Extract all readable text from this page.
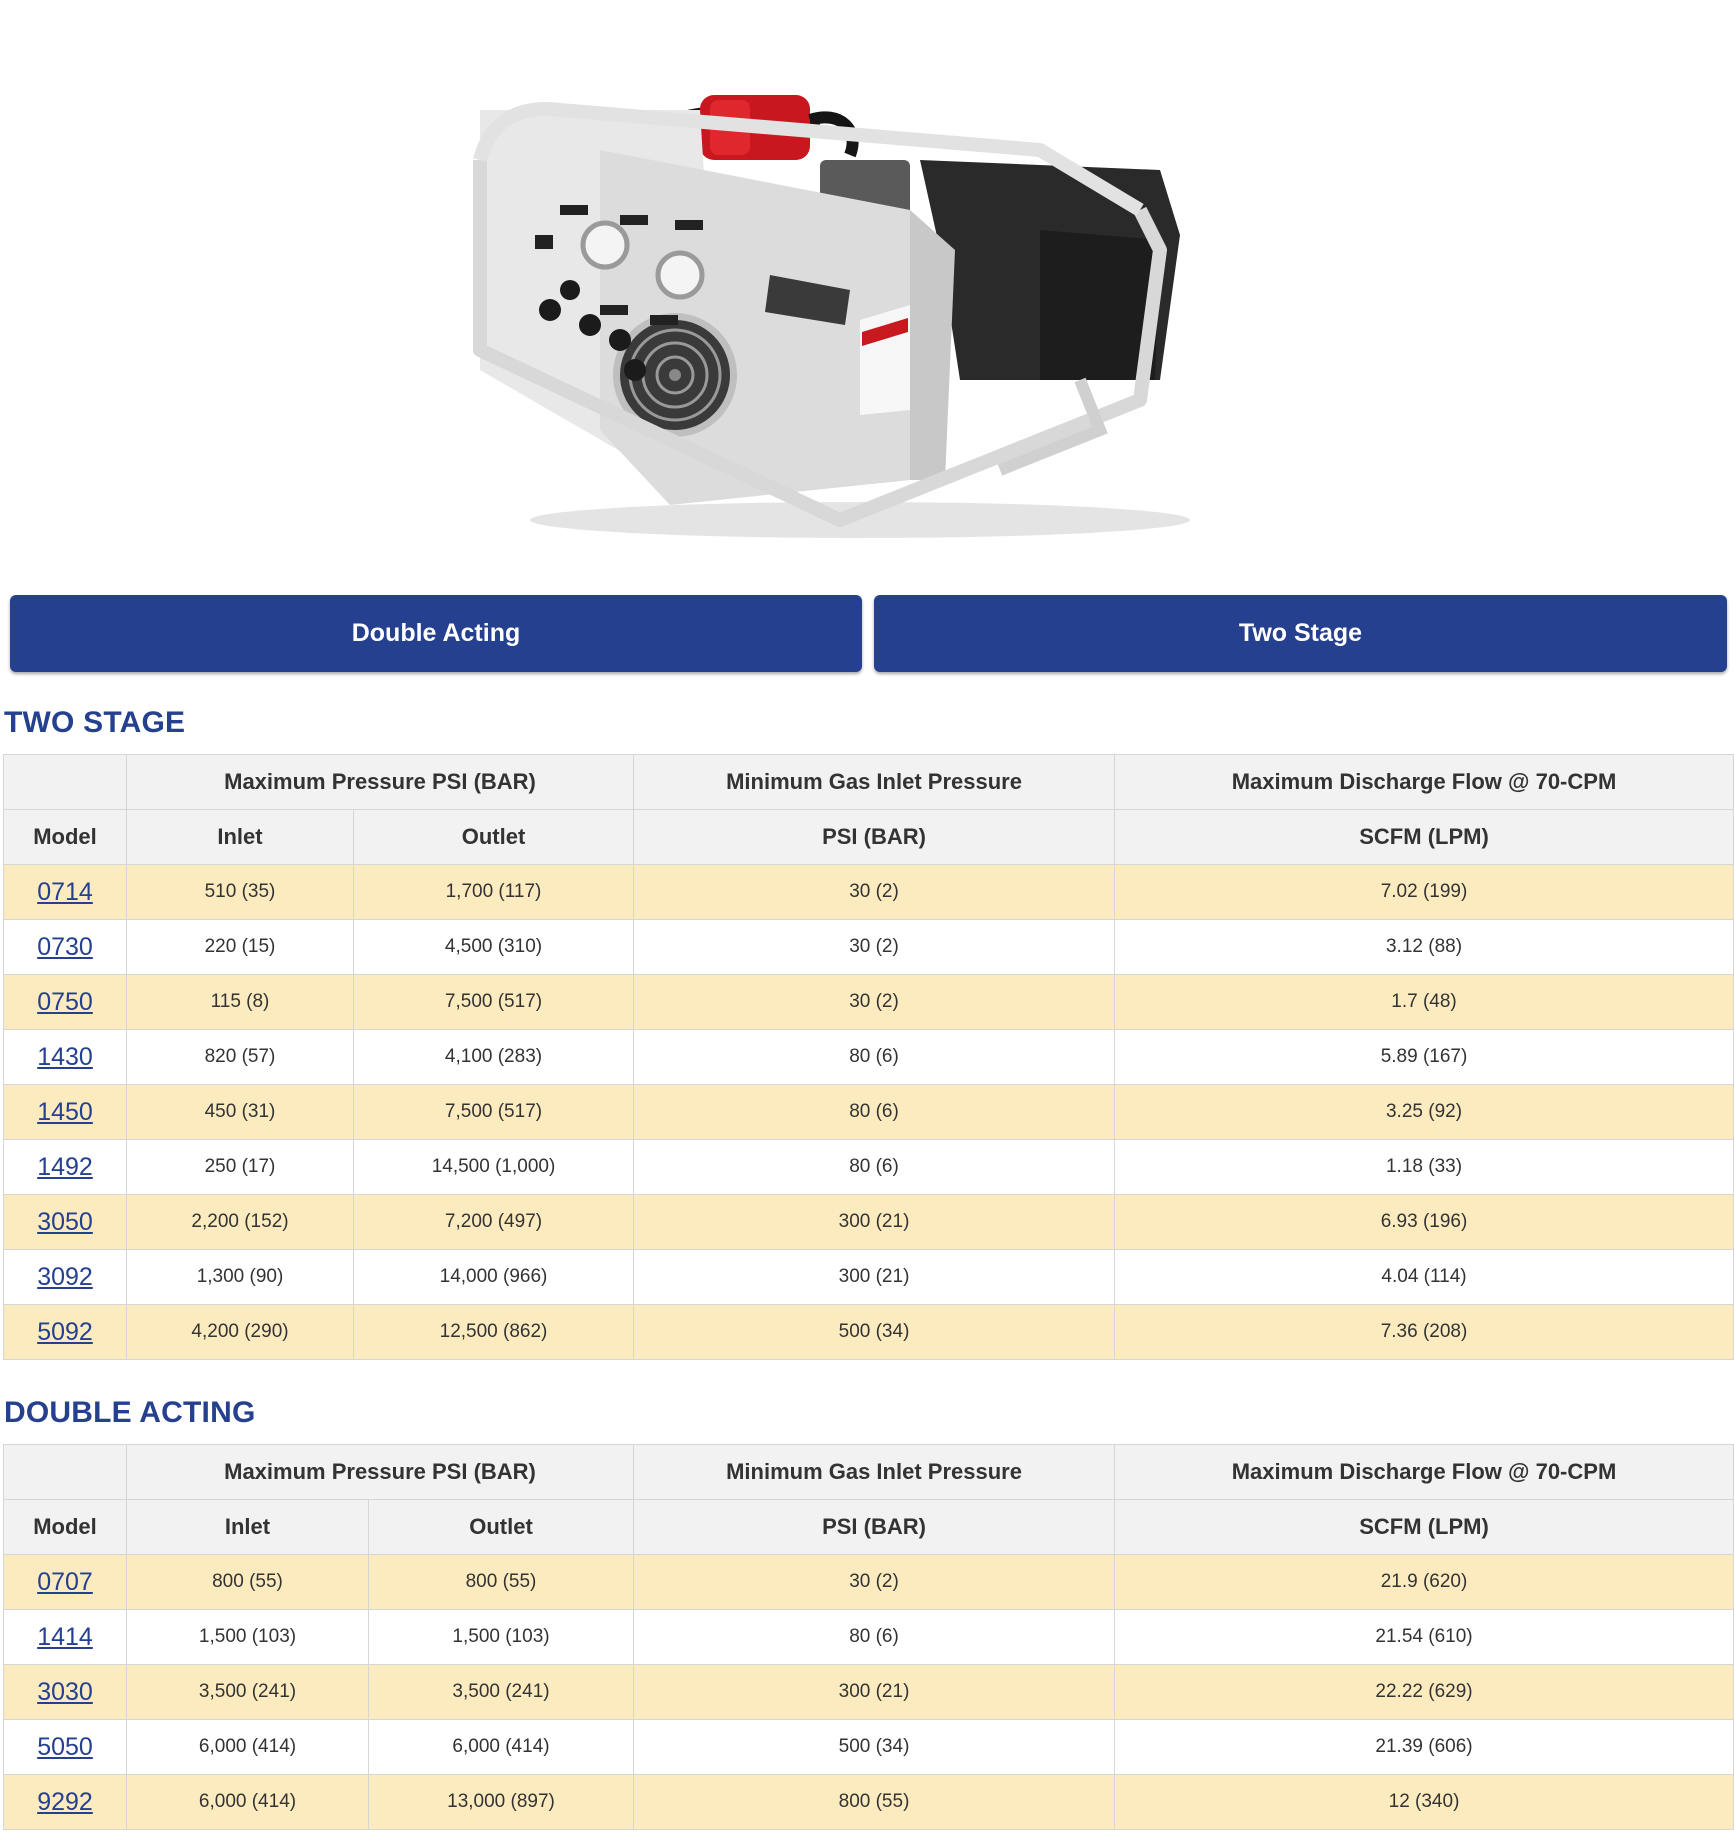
Double Acting	Two Stage
TWO STAGE
	Maximum Pressure PSI (BAR)		Minimum Gas Inlet Pressure	Maximum Discharge Flow @ 70-CPM
Model	Inlet	Outlet	PSI (BAR)	SCFM (LPM)
0714	510 (35)	1,700 (117)	30 (2)	7.02 (199)
0730	220 (15)	4,500 (310)	30 (2)	3.12 (88)
0750	115 (8)	7,500 (517)	30 (2)	1.7 (48)
1430	820 (57)	4,100 (283)	80 (6)	5.89 (167)
1450	450 (31)	7,500 (517)	80 (6)	3.25 (92)
1492	250 (17)	14,500 (1,000)	80 (6)	1.18 (33)
3050	2,200 (152)	7,200 (497)	300 (21)	6.93 (196)
3092	1,300 (90)	14,000 (966)	300 (21)	4.04 (114)
5092	4,200 (290)	12,500 (862)	500 (34)	7.36 (208)
DOUBLE ACTING
	Maximum Pressure PSI (BAR)		Minimum Gas Inlet Pressure	Maximum Discharge Flow @ 70-CPM
Model	Inlet	Outlet	PSI (BAR)	SCFM (LPM)
0707	800 (55)	800 (55)	30 (2)	21.9 (620)
1414	1,500 (103)	1,500 (103)	80 (6)	21.54 (610)
3030	3,500 (241)	3,500 (241)	300 (21)	22.22 (629)
5050	6,000 (414)	6,000 (414)	500 (34)	21.39 (606)
9292	6,000 (414)	13,000 (897)	800 (55)	12 (340)
